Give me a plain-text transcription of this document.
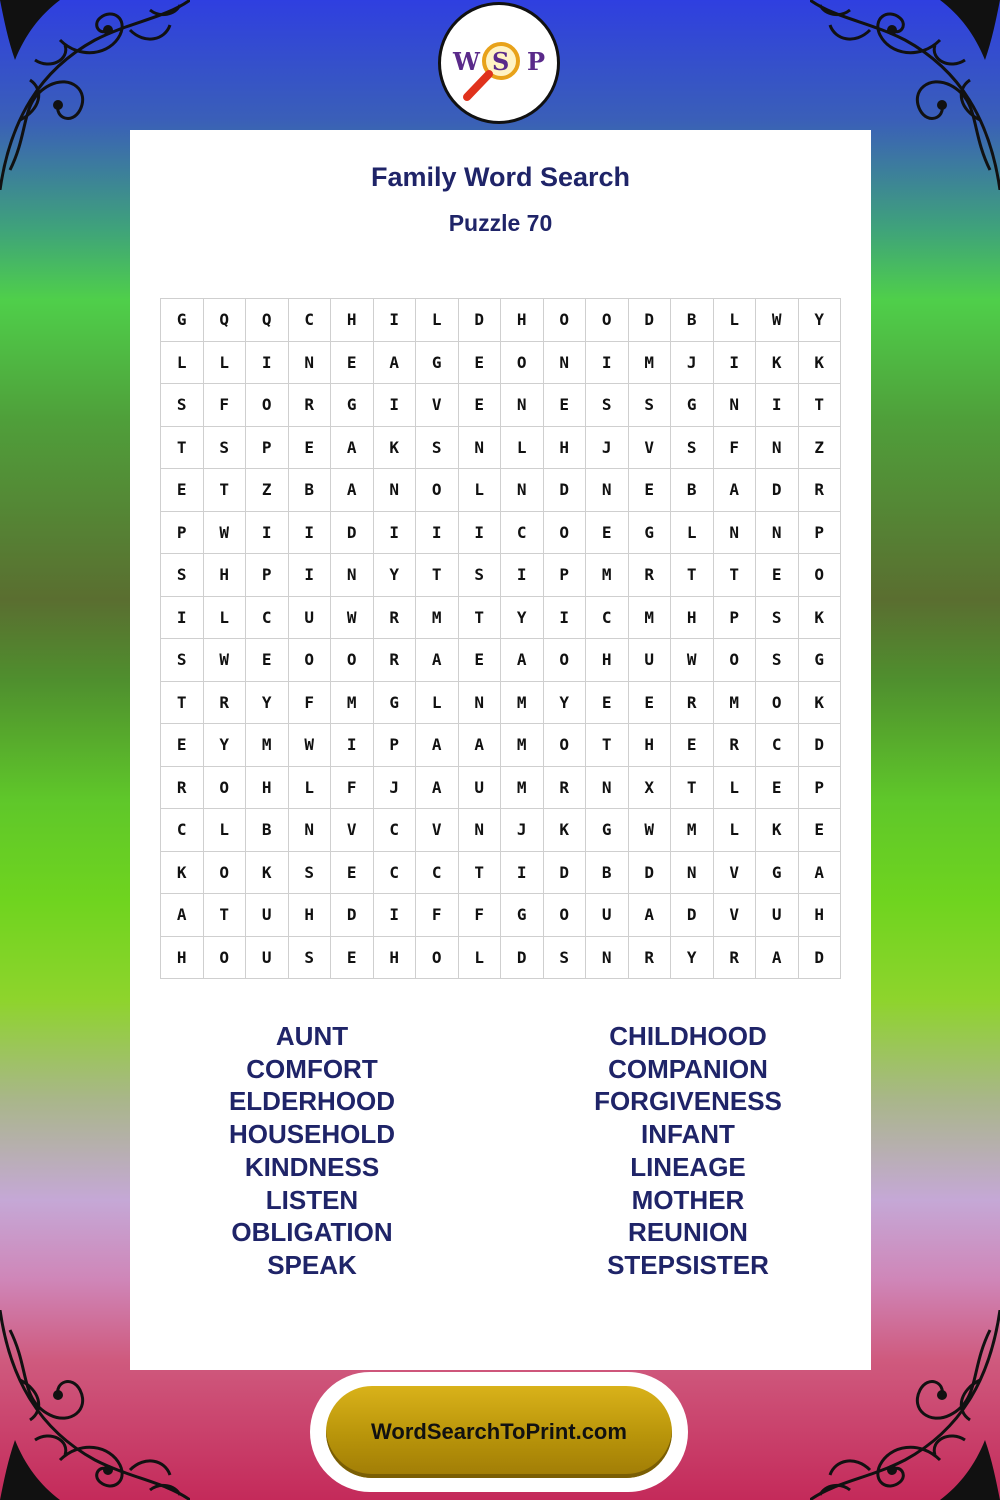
W S P
Family Word Search
Puzzle 70
G	Q	Q	C	H	I	L	D	H	O	O	D	B	L	W	Y
L	L	I	N	E	A	G	E	O	N	I	M	J	I	K	K
S	F	O	R	G	I	V	E	N	E	S	S	G	N	I	T
T	S	P	E	A	K	S	N	L	H	J	V	S	F	N	Z
E	T	Z	B	A	N	O	L	N	D	N	E	B	A	D	R
P	W	I	I	D	I	I	I	C	O	E	G	L	N	N	P
S	H	P	I	N	Y	T	S	I	P	M	R	T	T	E	O
I	L	C	U	W	R	M	T	Y	I	C	M	H	P	S	K
S	W	E	O	O	R	A	E	A	O	H	U	W	O	S	G
T	R	Y	F	M	G	L	N	M	Y	E	E	R	M	O	K
E	Y	M	W	I	P	A	A	M	O	T	H	E	R	C	D
R	O	H	L	F	J	A	U	M	R	N	X	T	L	E	P
C	L	B	N	V	C	V	N	J	K	G	W	M	L	K	E
K	O	K	S	E	C	C	T	I	D	B	D	N	V	G	A
A	T	U	H	D	I	F	F	G	O	U	A	D	V	U	H
H	O	U	S	E	H	O	L	D	S	N	R	Y	R	A	D
AUNT
COMFORT
ELDERHOOD
HOUSEHOLD
KINDNESS
LISTEN
OBLIGATION
SPEAK
CHILDHOOD
COMPANION
FORGIVENESS
INFANT
LINEAGE
MOTHER
REUNION
STEPSISTER
WordSearchToPrint.com
